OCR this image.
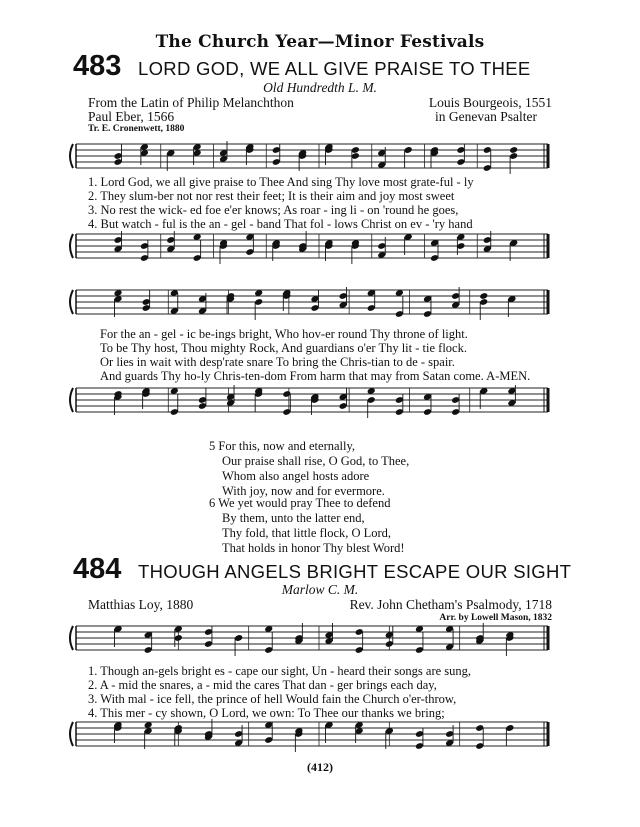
The Church Year—Minor Festivals
483 LORD GOD, WE ALL GIVE PRAISE TO THEE
Old Hundredth L. M.
From the Latin of Philip Melanchthon
Paul Eber, 1566
Tr. E. Cronenwett, 1880
Louis Bourgeois, 1551
in Genevan Psalter
1. Lord God, we all give praise to Thee And sing Thy love most grate-ful - ly
2. They slum-ber not nor rest their feet; It is their aim and joy most sweet
3. No rest the wick- ed foe e'er knows; As roar - ing li - on 'round he goes,
4. But watch - ful is the an - gel - band That fol - lows Christ on ev - 'ry hand
For the an - gel - ic be-ings bright, Who hov-er round Thy throne of light.
To be Thy host, Thou mighty Rock, And guardians o'er Thy lit - tie flock.
Or lies in wait with desp'rate snare To bring the Chris-tian to de - spair.
And guards Thy ho-ly Chris-ten-dom From harm that may from Satan come. A-MEN.
5 For this, now and eternally,
Our praise shall rise, O God, to Thee,
Whom also angel hosts adore
With joy, now and for evermore.
6 We yet would pray Thee to defend
By them, unto the latter end,
Thy fold, that little flock, O Lord,
That holds in honor Thy blest Word!
484 THOUGH ANGELS BRIGHT ESCAPE OUR SIGHT
Marlow C. M.
Matthias Loy, 1880	Rev. John Chetham's Psalmody, 1718
Arr. by Lowell Mason, 1832
1. Though an-gels bright es - cape our sight, Un - heard their songs are sung,
2. A - mid the snares, a - mid the cares That dan - ger brings each day,
3. With mal - ice fell, the prince of hell Would fain the Church o'er-throw,
4. This mer - cy shown, O Lord, we own: To Thee our thanks we bring;
(412)
